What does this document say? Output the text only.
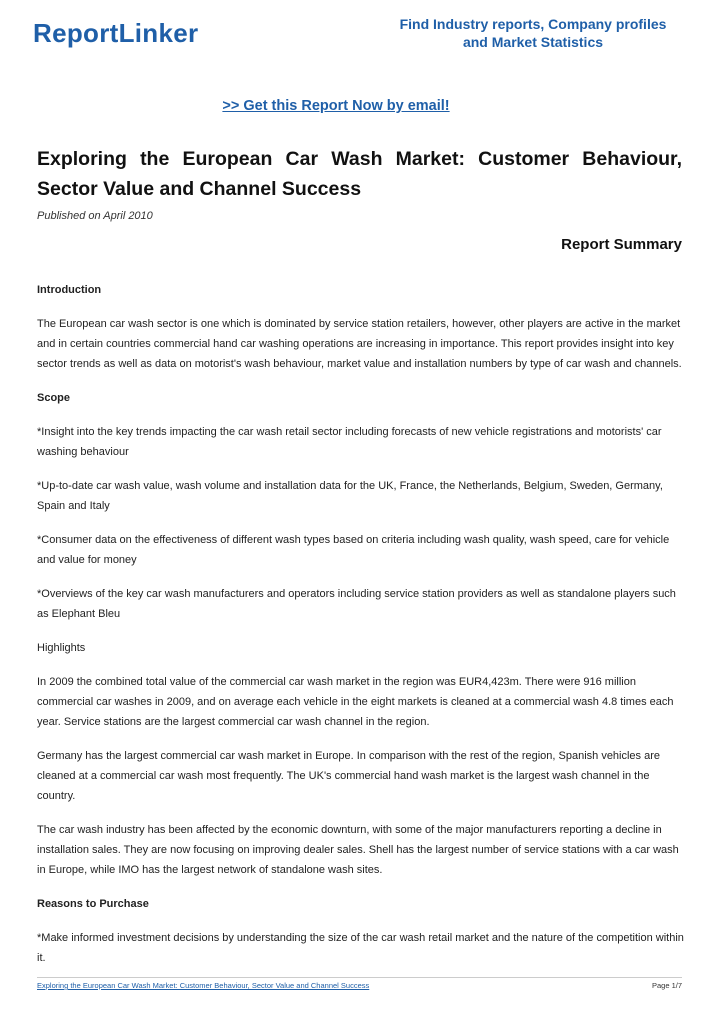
ReportLinker	Find Industry reports, Company profiles
and Market Statistics
>> Get this Report Now by email!
Exploring the European Car Wash Market: Customer Behaviour, Sector Value and Channel Success
Published on April 2010
Report Summary

Introduction

The European car wash sector is one which is dominated by service station retailers, however, other players are active in the market and in certain countries commercial hand car washing operations are increasing in importance. This report provides insight into key sector trends as well as data on motorist's wash behaviour, market value and installation numbers by type of car wash and channels.

Scope

*Insight into the key trends impacting the car wash retail sector including forecasts of new vehicle registrations and motorists' car washing behaviour

*Up-to-date car wash value, wash volume and installation data for the UK, France, the Netherlands, Belgium, Sweden, Germany, Spain and Italy

*Consumer data on the effectiveness of different wash types based on criteria including wash quality, wash speed, care for vehicle and value for money

*Overviews of the key car wash manufacturers and operators including service station providers as well as standalone players such as Elephant Bleu

Highlights

In 2009 the combined total value of the commercial car wash market in the region was EUR4,423m. There were 916 million commercial car washes in 2009, and on average each vehicle in the eight markets is cleaned at a commercial wash 4.8 times each year. Service stations are the largest commercial car wash channel in the region.

Germany has the largest commercial car wash market in Europe. In comparison with the rest of the region, Spanish vehicles are cleaned at a commercial car wash most frequently. The UK's commercial hand wash market is the largest wash channel in the country.

The car wash industry has been affected by the economic downturn, with some of the major manufacturers reporting a decline in installation sales. They are now focusing on improving dealer sales. Shell has the largest number of service stations with a car wash in Europe, while IMO has the largest network of standalone wash sites.

Reasons to Purchase

*Make informed investment decisions by understanding the size of the car wash retail market and the nature of the competition within it.

Exploring the European Car Wash Market: Customer Behaviour, Sector Value and Channel Success	Page 1/7
